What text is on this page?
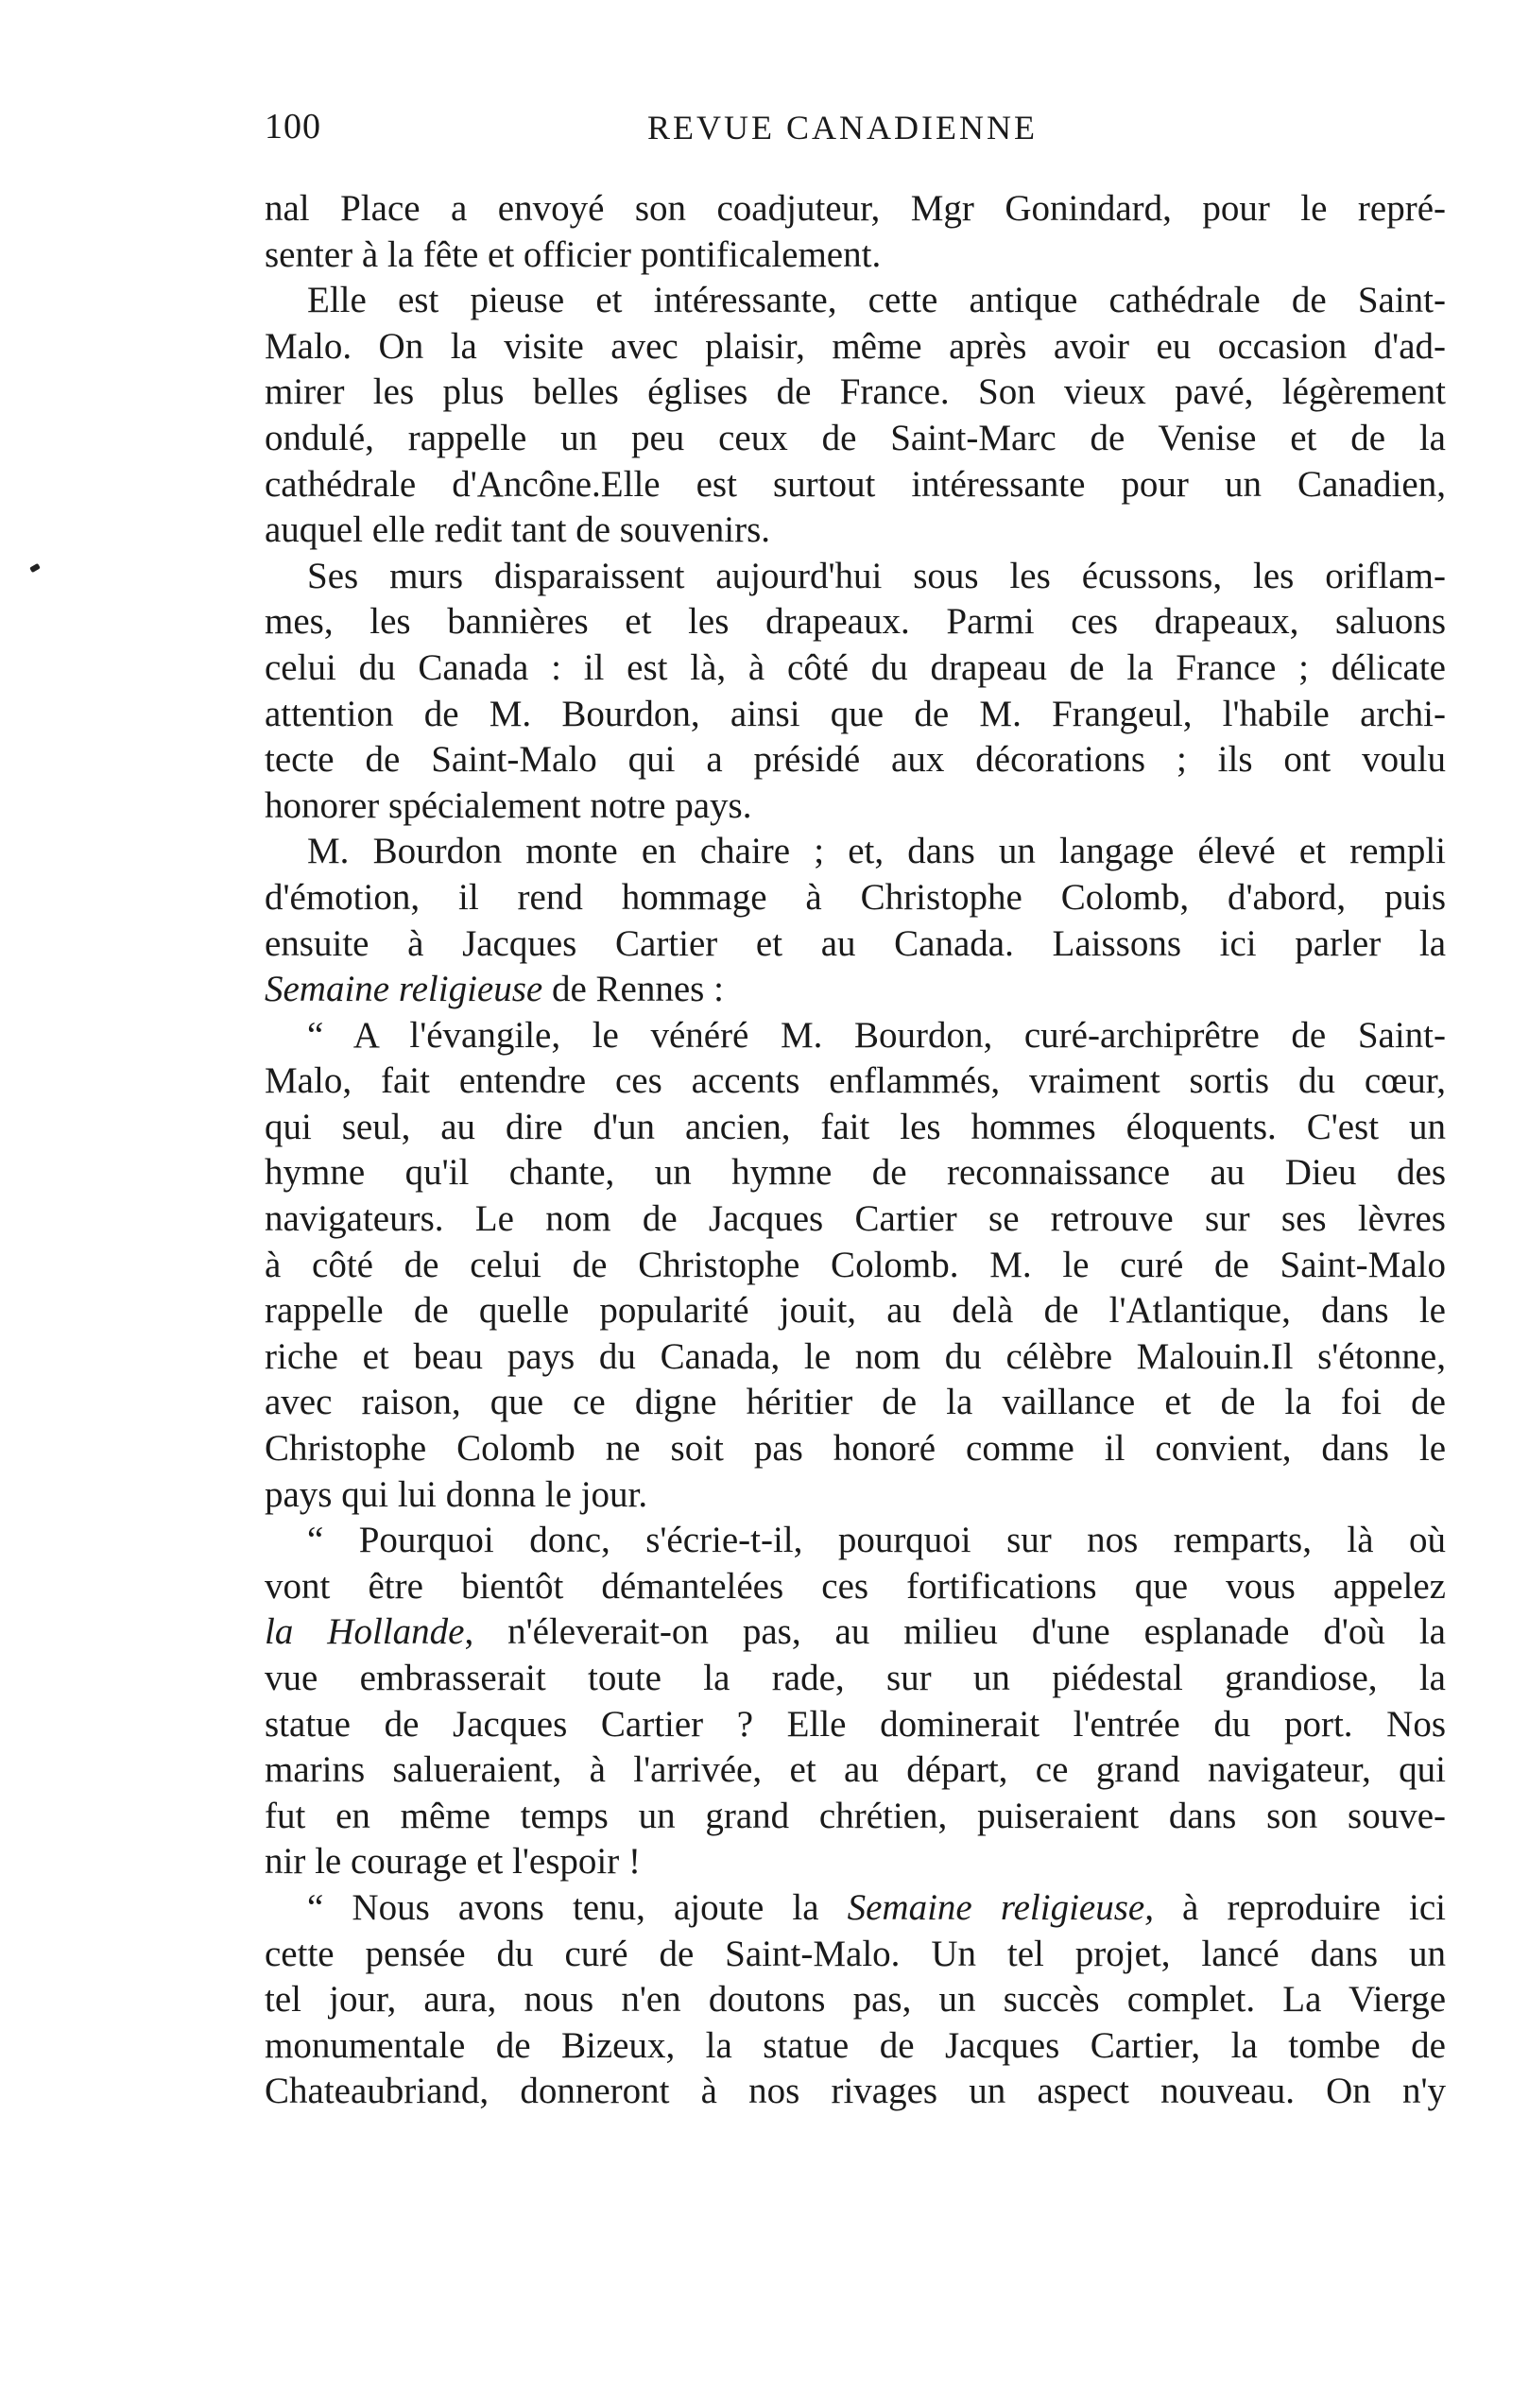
100	REVUE CANADIENNE
nal Place a envoyé son coadjuteur, Mgr Gonindard, pour le repré-
senter à la fête et officier pontificalement.
Elle est pieuse et intéressante, cette antique cathédrale de Saint-
Malo. On la visite avec plaisir, même après avoir eu occasion d'ad-
mirer les plus belles églises de France. Son vieux pavé, légèrement
ondulé, rappelle un peu ceux de Saint-Marc de Venise et de la
cathédrale d'Ancône.Elle est surtout intéressante pour un Canadien,
auquel elle redit tant de souvenirs.
Ses murs disparaissent aujourd'hui sous les écussons, les oriflam-
mes, les bannières et les drapeaux. Parmi ces drapeaux, saluons
celui du Canada : il est là, à côté du drapeau de la France ; délicate
attention de M. Bourdon, ainsi que de M. Frangeul, l'habile archi-
tecte de Saint-Malo qui a présidé aux décorations ; ils ont voulu
honorer spécialement notre pays.
M. Bourdon monte en chaire ; et, dans un langage élevé et rempli
d'émotion, il rend hommage à Christophe Colomb, d'abord, puis
ensuite à Jacques Cartier et au Canada. Laissons ici parler la
Semaine religieuse de Rennes :
“ A l'évangile, le vénéré M. Bourdon, curé-archiprêtre de Saint-
Malo, fait entendre ces accents enflammés, vraiment sortis du cœur,
qui seul, au dire d'un ancien, fait les hommes éloquents. C'est un
hymne qu'il chante, un hymne de reconnaissance au Dieu des
navigateurs. Le nom de Jacques Cartier se retrouve sur ses lèvres
à côté de celui de Christophe Colomb. M. le curé de Saint-Malo
rappelle de quelle popularité jouit, au delà de l'Atlantique, dans le
riche et beau pays du Canada, le nom du célèbre Malouin.Il s'étonne,
avec raison, que ce digne héritier de la vaillance et de la foi de
Christophe Colomb ne soit pas honoré comme il convient, dans le
pays qui lui donna le jour.
“ Pourquoi donc, s'écrie-t-il, pourquoi sur nos remparts, là où
vont être bientôt démantelées ces fortifications que vous appelez
la Hollande, n'éleverait-on pas, au milieu d'une esplanade d'où la
vue embrasserait toute la rade, sur un piédestal grandiose, la
statue de Jacques Cartier ? Elle dominerait l'entrée du port. Nos
marins salueraient, à l'arrivée, et au départ, ce grand navigateur, qui
fut en même temps un grand chrétien, puiseraient dans son souve-
nir le courage et l'espoir !
“ Nous avons tenu, ajoute la Semaine religieuse, à reproduire ici
cette pensée du curé de Saint-Malo. Un tel projet, lancé dans un
tel jour, aura, nous n'en doutons pas, un succès complet. La Vierge
monumentale de Bizeux, la statue de Jacques Cartier, la tombe de
Chateaubriand, donneront à nos rivages un aspect nouveau. On n'y
